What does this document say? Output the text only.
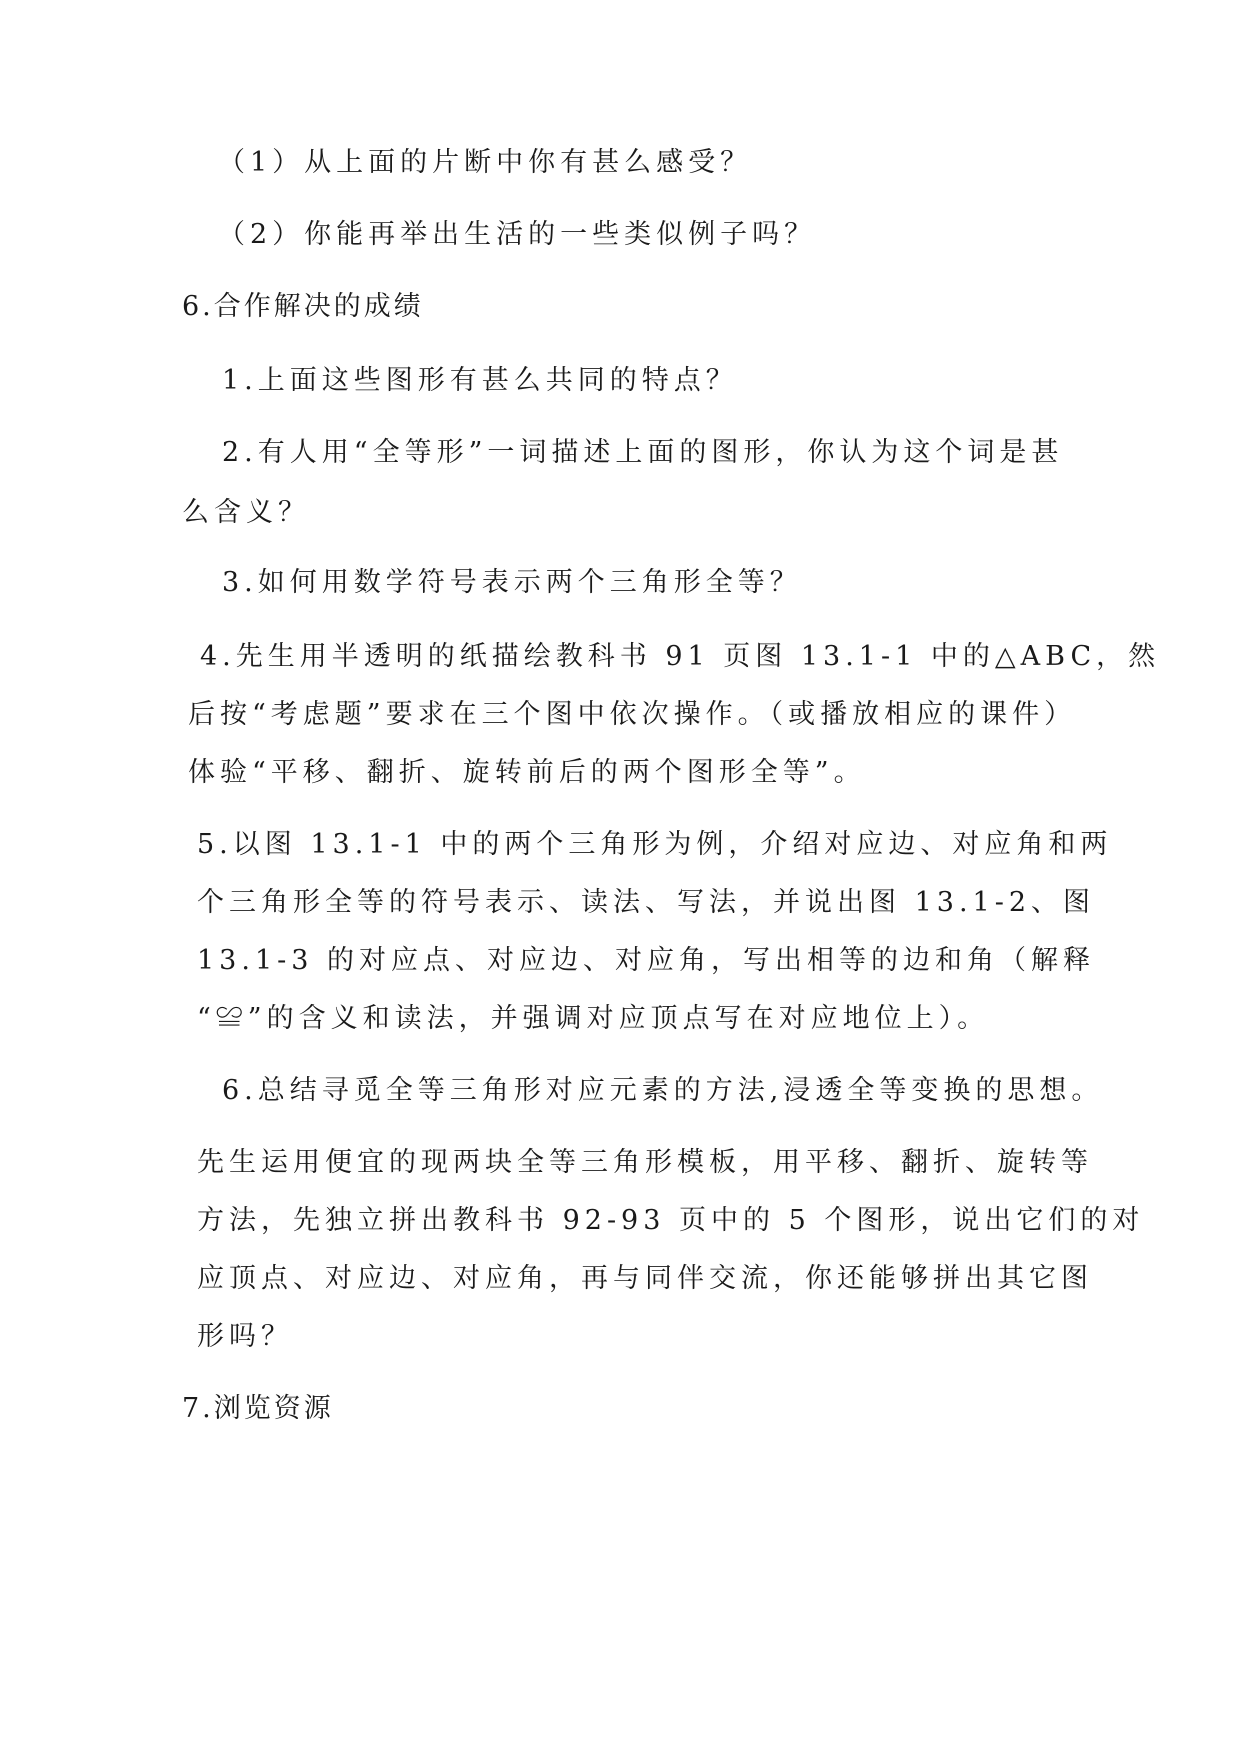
（1）从上面的片断中你有甚么感受？

（2）你能再举出生活的一些类似例子吗？

6.合作解决的成绩

1.上面这些图形有甚么共同的特点？

2.有人用“全等形”一词描述上面的图形，你认为这个词是甚

么含义？

3.如何用数学符号表示两个三角形全等？

4.先生用半透明的纸描绘教科书 91 页图 13.1-1 中的△ABC，然

后按“考虑题”要求在三个图中依次操作。（或播放相应的课件）

体验“平移、翻折、旋转前后的两个图形全等”。

5.以图 13.1-1 中的两个三角形为例，介绍对应边、对应角和两

个三角形全等的符号表示、读法、写法，并说出图 13.1-2、图

13.1-3 的对应点、对应边、对应角，写出相等的边和角（解释

“≌”的含义和读法，并强调对应顶点写在对应地位上）。

6.总结寻觅全等三角形对应元素的方法,浸透全等变换的思想。

先生运用便宜的现两块全等三角形模板，用平移、翻折、旋转等

方法，先独立拼出教科书 92-93 页中的 5 个图形，说出它们的对

应顶点、对应边、对应角，再与同伴交流，你还能够拼出其它图

形吗？

7.浏览资源
